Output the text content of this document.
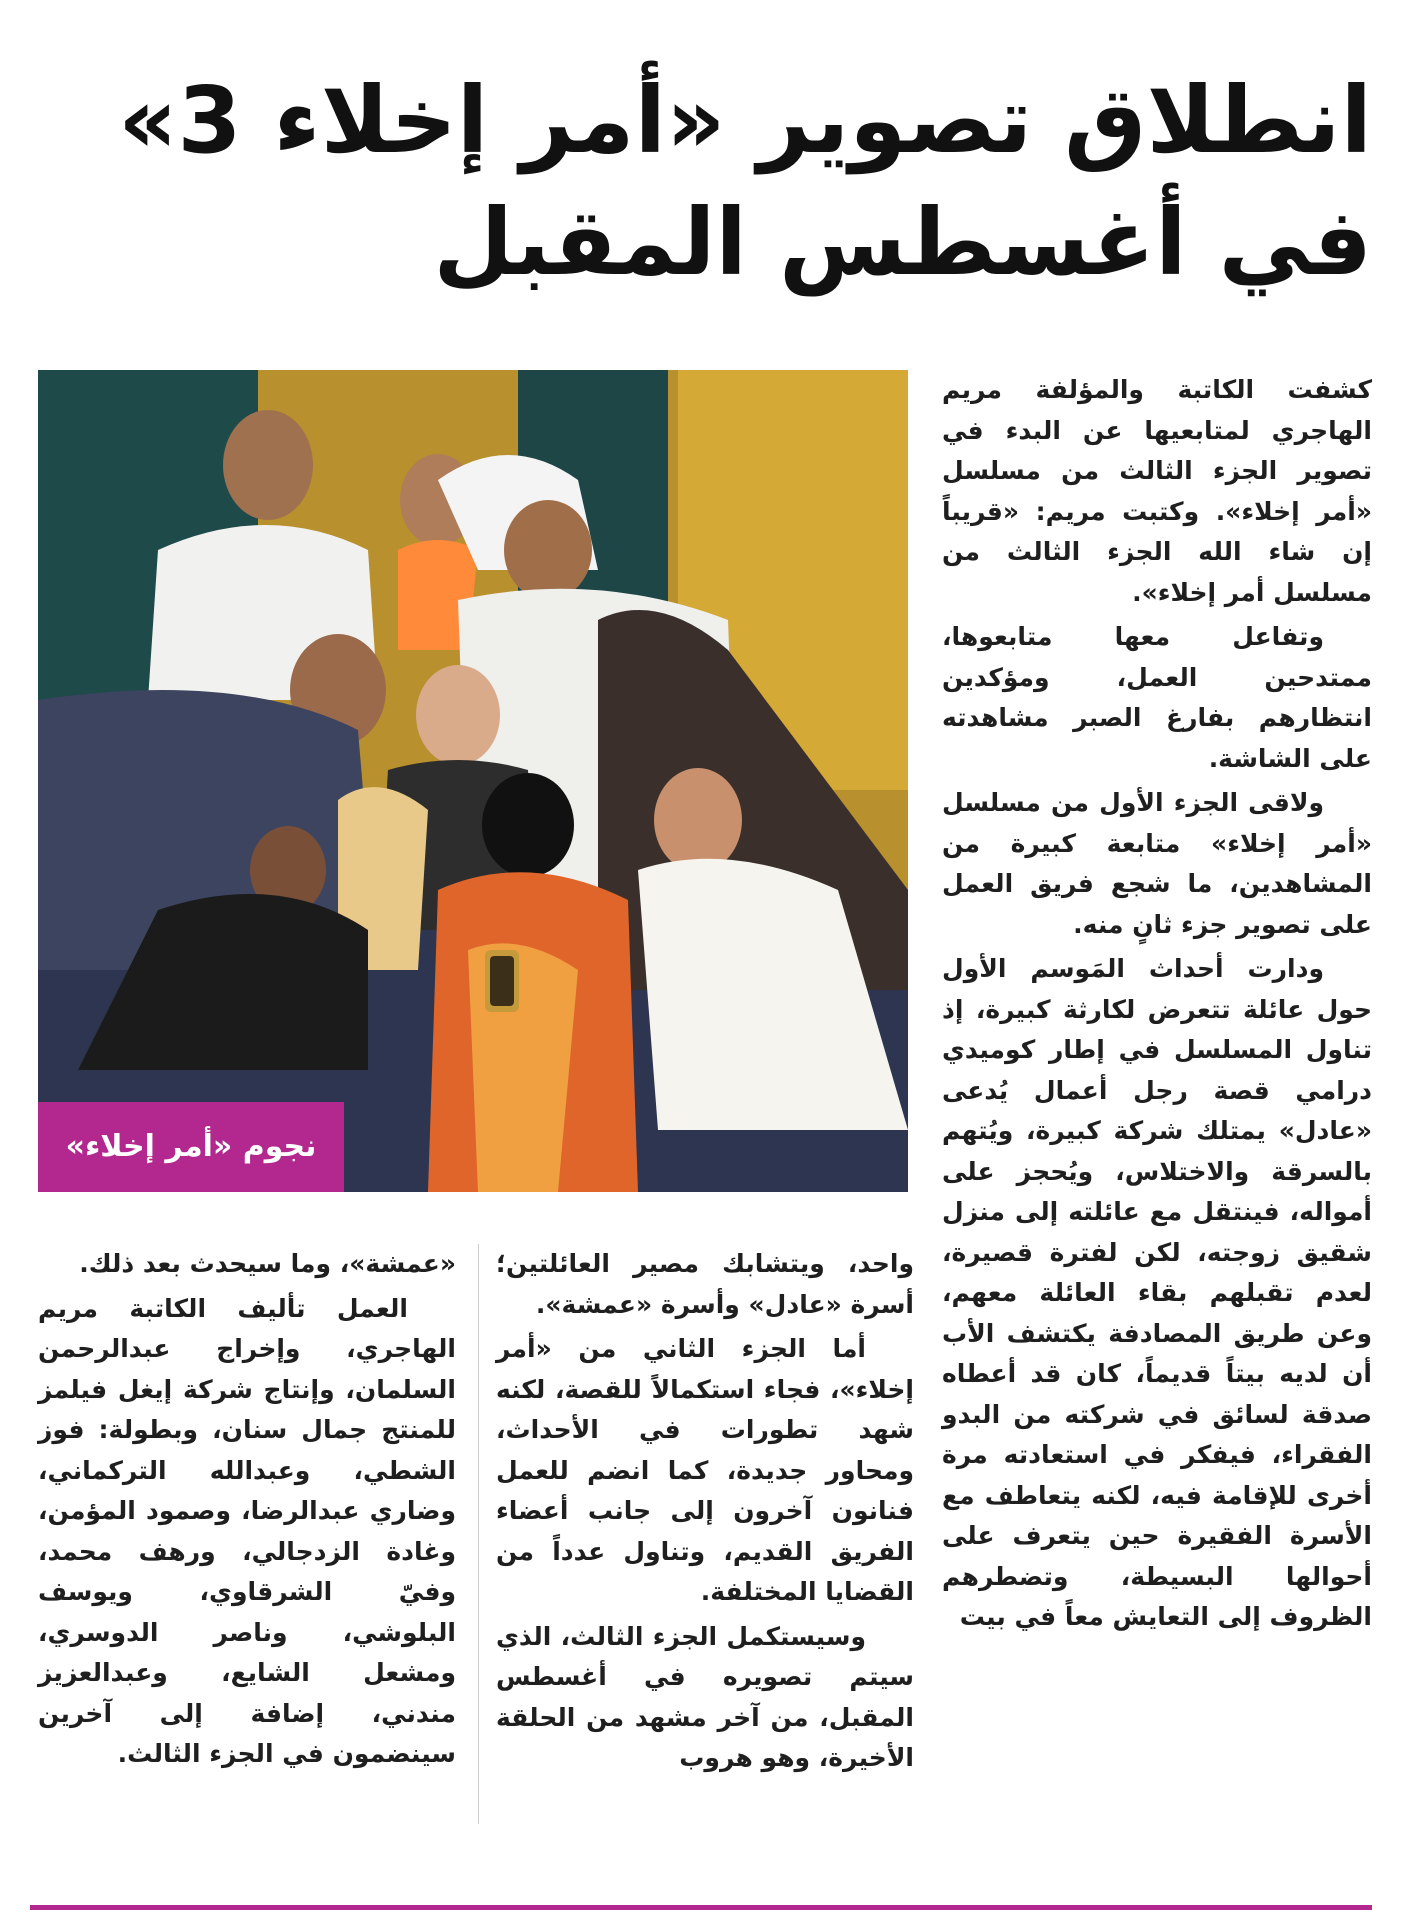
انطلاق تصوير «أمر إخلاء 3»
في أغسطس المقبل
نجوم «أمر إخلاء»

كشفت الكاتبة والمؤلفة مريم الهاجري لمتابعيها عن البدء في تصوير الجزء الثالث من مسلسل «أمر إخلاء». وكتبت مريم: «قريباً إن شاء الله الجزء الثالث من مسلسل أمر إخلاء».

وتفاعل معها متابعوها، ممتدحين العمل، ومؤكدين انتظارهم بفارغ الصبر مشاهدته على الشاشة.

ولاقى الجزء الأول من مسلسل «أمر إخلاء» متابعة كبيرة من المشاهدين، ما شجع فريق العمل على تصوير جزء ثانٍ منه.

ودارت أحداث المَوسم الأول حول عائلة تتعرض لكارثة كبيرة، إذ تناول المسلسل في إطار كوميدي درامي قصة رجل أعمال يُدعى «عادل» يمتلك شركة كبيرة، ويُتهم بالسرقة والاختلاس، ويُحجز على أمواله، فينتقل مع عائلته إلى منزل شقيق زوجته، لكن لفترة قصيرة، لعدم تقبلهم بقاء العائلة معهم، وعن طريق المصادفة يكتشف الأب أن لديه بيتاً قديماً، كان قد أعطاه صدقة لسائق في شركته من البدو الفقراء، فيفكر في استعادته مرة أخرى للإقامة فيه، لكنه يتعاطف مع الأسرة الفقيرة حين يتعرف على أحوالها البسيطة، وتضطرهم الظروف إلى التعايش معاً في بيت

واحد، ويتشابك مصير العائلتين؛ أسرة «عادل» وأسرة «عمشة».

أما الجزء الثاني من «أمر إخلاء»، فجاء استكمالاً للقصة، لكنه شهد تطورات في الأحداث، ومحاور جديدة، كما انضم للعمل فنانون آخرون إلى جانب أعضاء الفريق القديم، وتناول عدداً من القضايا المختلفة.

وسيستكمل الجزء الثالث، الذي سيتم تصويره في أغسطس المقبل، من آخر مشهد من الحلقة الأخيرة، وهو هروب

«عمشة»، وما سيحدث بعد ذلك.

العمل تأليف الكاتبة مريم الهاجري، وإخراج عبدالرحمن السلمان، وإنتاج شركة إيغل فيلمز للمنتج جمال سنان، وبطولة: فوز الشطي، وعبدالله التركماني، وضاري عبدالرضا، وصمود المؤمن، وغادة الزدجالي، ورهف محمد، وفيّ الشرقاوي، ويوسف البلوشي، وناصر الدوسري، ومشعل الشايع، وعبدالعزيز مندني، إضافة إلى آخرين سينضمون في الجزء الثالث.
